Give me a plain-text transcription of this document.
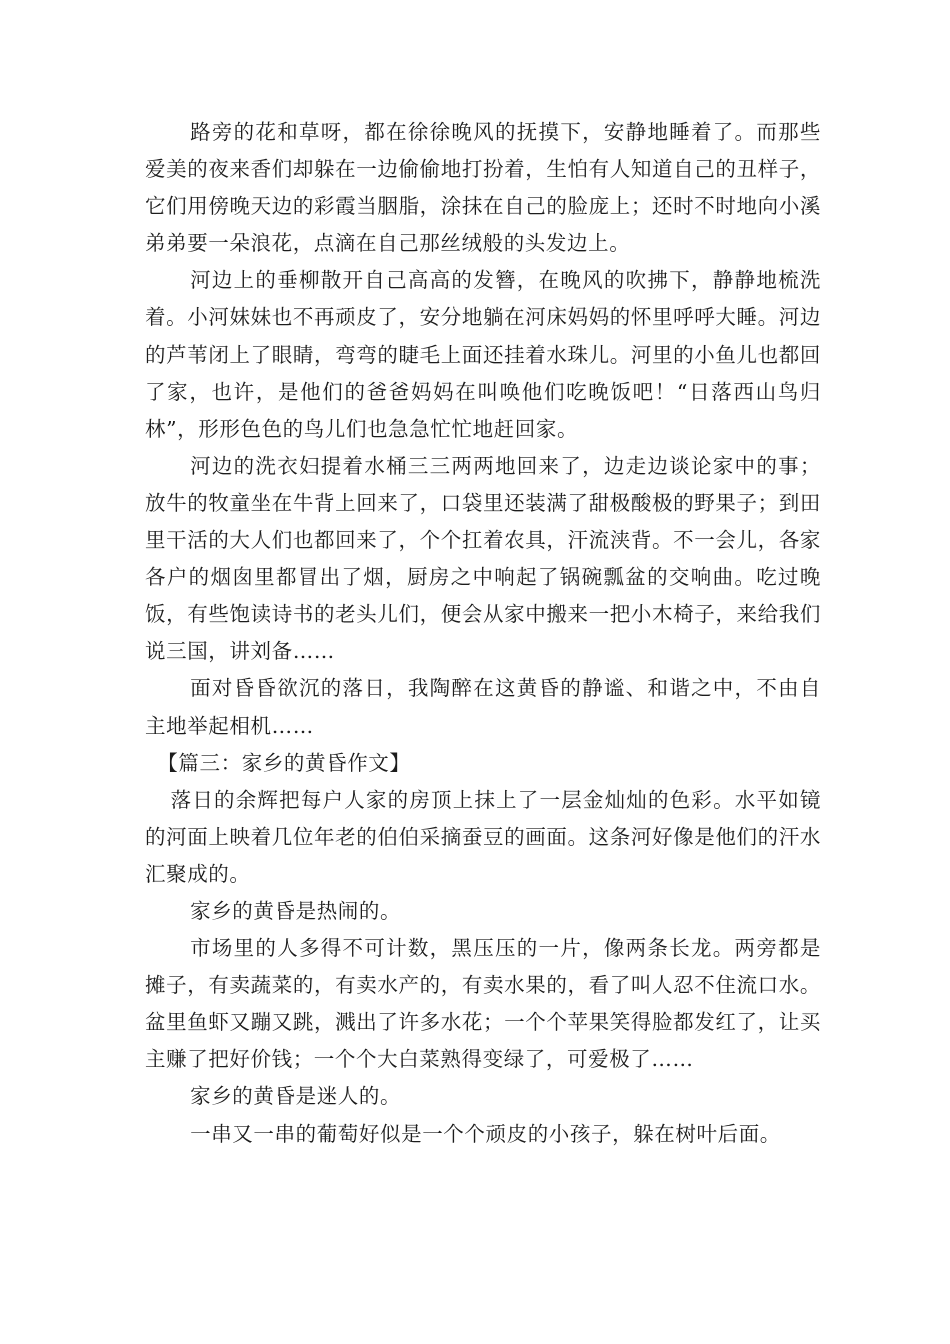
路旁的花和草呀，都在徐徐晚风的抚摸下，安静地睡着了。而那些爱美的夜来香们却躲在一边偷偷地打扮着，生怕有人知道自己的丑样子，它们用傍晚天边的彩霞当胭脂，涂抹在自己的脸庞上；还时不时地向小溪弟弟要一朵浪花，点滴在自己那丝绒般的头发边上。

河边上的垂柳散开自己高高的发簪，在晚风的吹拂下，静静地梳洗着。小河妹妹也不再顽皮了，安分地躺在河床妈妈的怀里呼呼大睡。河边的芦苇闭上了眼睛，弯弯的睫毛上面还挂着水珠儿。河里的小鱼儿也都回了家，也许，是他们的爸爸妈妈在叫唤他们吃晚饭吧！“日落西山鸟归林”，形形色色的鸟儿们也急急忙忙地赶回家。

河边的洗衣妇提着水桶三三两两地回来了，边走边谈论家中的事；放牛的牧童坐在牛背上回来了，口袋里还装满了甜极酸极的野果子；到田里干活的大人们也都回来了，个个扛着农具，汗流浃背。不一会儿，各家各户的烟囱里都冒出了烟，厨房之中响起了锅碗瓢盆的交响曲。吃过晚饭，有些饱读诗书的老头儿们，便会从家中搬来一把小木椅子，来给我们说三国，讲刘备……

面对昏昏欲沉的落日，我陶醉在这黄昏的静谧、和谐之中，不由自主地举起相机……

【篇三：家乡的黄昏作文】

落日的余辉把每户人家的房顶上抹上了一层金灿灿的色彩。水平如镜的河面上映着几位年老的伯伯采摘蚕豆的画面。这条河好像是他们的汗水汇聚成的。

家乡的黄昏是热闹的。

市场里的人多得不可计数，黑压压的一片，像两条长龙。两旁都是摊子，有卖蔬菜的，有卖水产的，有卖水果的，看了叫人忍不住流口水。盆里鱼虾又蹦又跳，溅出了许多水花；一个个苹果笑得脸都发红了，让买主赚了把好价钱；一个个大白菜熟得变绿了，可爱极了……

家乡的黄昏是迷人的。

一串又一串的葡萄好似是一个个顽皮的小孩子，躲在树叶后面。
